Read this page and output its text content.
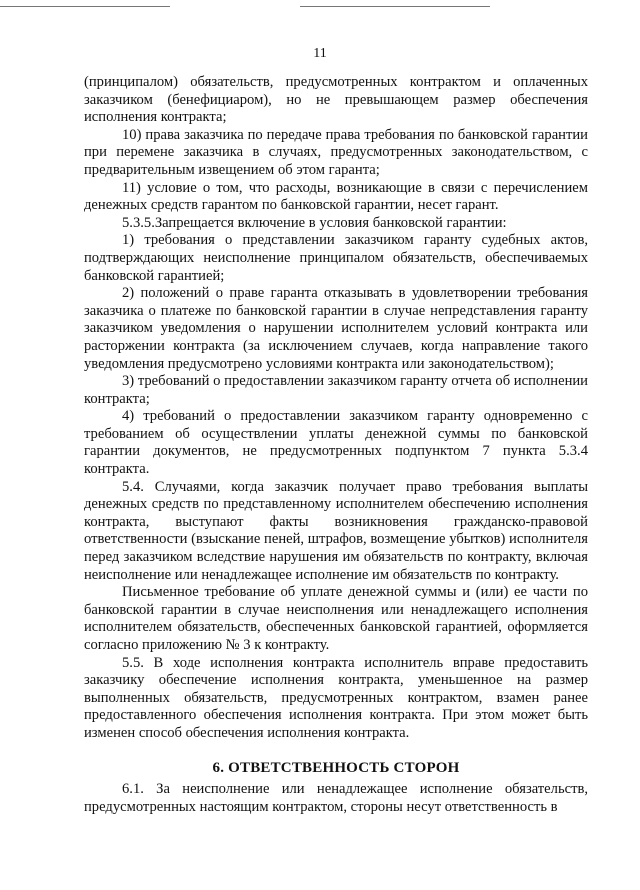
11

(принципалом) обязательств, предусмотренных контрактом и оплаченных заказчиком (бенефициаром), но не превышающем размер обеспечения исполнения контракта;

10) права заказчика по передаче права требования по банковской гарантии при перемене заказчика в случаях, предусмотренных законодательством, с предварительным извещением об этом гаранта;

11) условие о том, что расходы, возникающие в связи с перечислением денежных средств гарантом по банковской гарантии, несет гарант.

5.3.5.Запрещается включение в условия банковской гарантии:

1) требования о представлении заказчиком гаранту судебных актов, подтверждающих неисполнение принципалом обязательств, обеспечиваемых банковской гарантией;

2) положений о праве гаранта отказывать в удовлетворении требования заказчика о платеже по банковской гарантии в случае непредставления гаранту заказчиком уведомления о нарушении исполнителем условий контракта или расторжении контракта (за исключением случаев, когда направление такого уведомления предусмотрено условиями контракта или законодательством);

3) требований о предоставлении заказчиком гаранту отчета об исполнении контракта;

4) требований о предоставлении заказчиком гаранту одновременно с требованием об осуществлении уплаты денежной суммы по банковской гарантии документов, не предусмотренных подпунктом 7 пункта 5.3.4 контракта.

5.4. Случаями, когда заказчик получает право требования выплаты денежных средств по представленному исполнителем обеспечению исполнения контракта, выступают факты возникновения гражданско-правовой ответственности (взыскание пеней, штрафов, возмещение убытков) исполнителя перед заказчиком вследствие нарушения им обязательств по контракту, включая неисполнение или ненадлежащее исполнение им обязательств по контракту.

Письменное требование об уплате денежной суммы и (или) ее части по банковской гарантии в случае неисполнения или ненадлежащего исполнения исполнителем обязательств, обеспеченных банковской гарантией, оформляется согласно приложению № 3 к контракту.

5.5. В ходе исполнения контракта исполнитель вправе предоставить заказчику обеспечение исполнения контракта, уменьшенное на размер выполненных обязательств, предусмотренных контрактом, взамен ранее предоставленного обеспечения исполнения контракта. При этом может быть изменен способ обеспечения исполнения контракта.

6. ОТВЕТСТВЕННОСТЬ СТОРОН

6.1. За неисполнение или ненадлежащее исполнение обязательств, предусмотренных настоящим контрактом, стороны несут ответственность в
